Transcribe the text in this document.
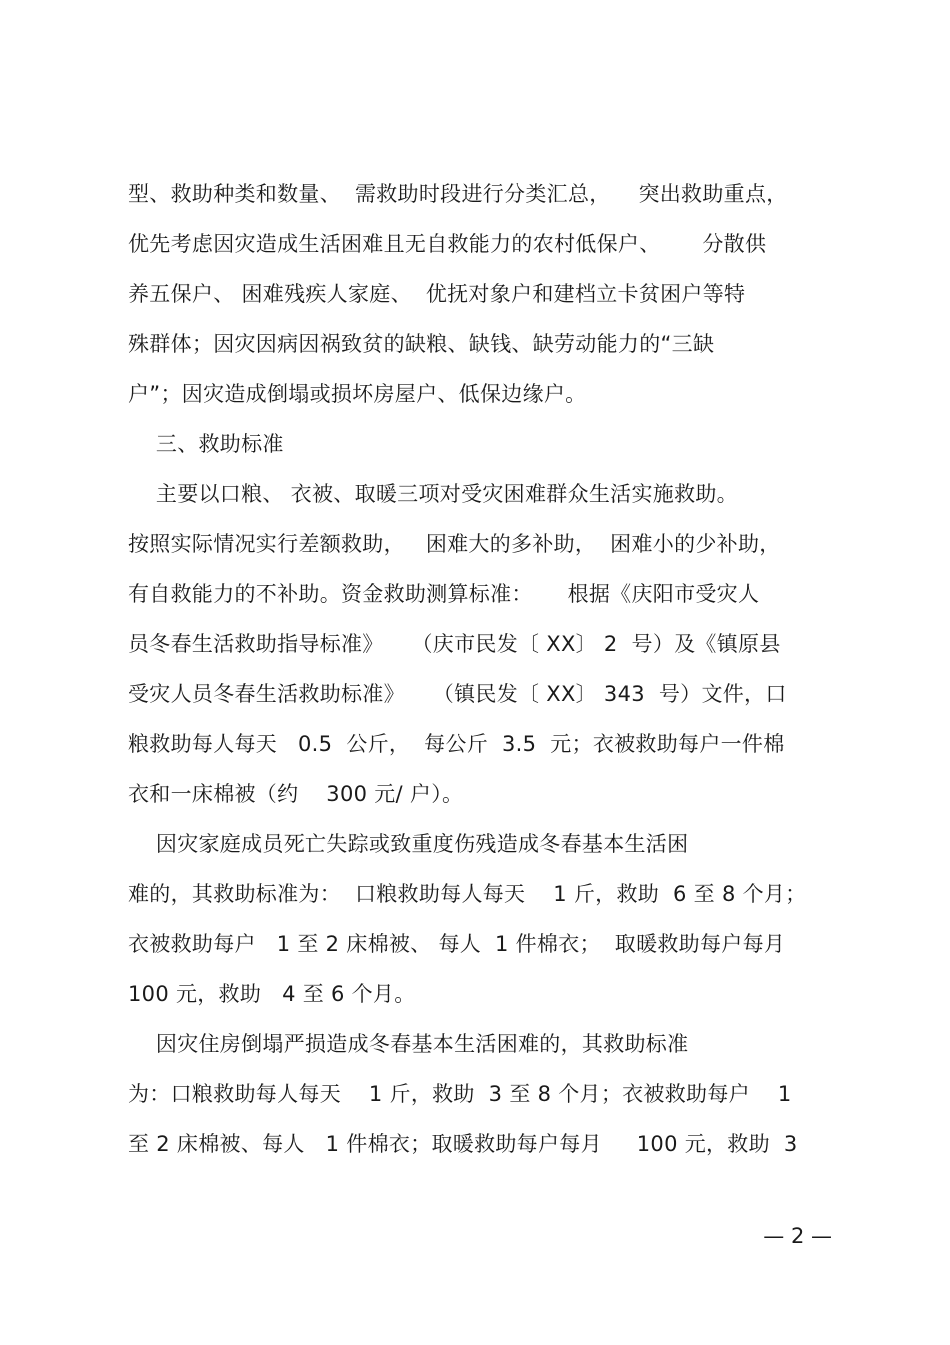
型、救助种类和数量、  需救助时段进行分类汇总，    突出救助重点，
优先考虑因灾造成生活困难且无自救能力的农村低保户、      分散供
养五保户、 困难残疾人家庭、  优抚对象户和建档立卡贫困户等特
殊群体；因灾因病因祸致贫的缺粮、缺钱、缺劳动能力的“三缺
户”；因灾造成倒塌或损坏房屋户、低保边缘户。
三、救助标准
主要以口粮、 衣被、取暖三项对受灾困难群众生活实施救助。
按照实际情况实行差额救助，   困难大的多补助，  困难小的少补助，
有自救能力的不补助。资金救助测算标准：     根据《庆阳市受灾人
员冬春生活救助指导标准》    （庆市民发〔 XX〕 2  号）及《镇原县
受灾人员冬春生活救助标准》    （镇民发〔 XX〕 343  号）文件，口
粮救助每人每天   0.5  公斤，  每公斤  3.5  元；衣被救助每户一件棉
衣和一床棉被（约    300 元/ 户）。
因灾家庭成员死亡失踪或致重度伤残造成冬春基本生活困
难的，其救助标准为：  口粮救助每人每天    1 斤，救助  6 至 8 个月；
衣被救助每户   1 至 2 床棉被、 每人  1 件棉衣；  取暖救助每户每月
100 元，救助   4 至 6 个月。
因灾住房倒塌严损造成冬春基本生活困难的，其救助标准
为：口粮救助每人每天    1 斤，救助  3 至 8 个月；衣被救助每户    1
至 2 床棉被、每人   1 件棉衣；取暖救助每户每月     100 元，救助  3
— 2 —
